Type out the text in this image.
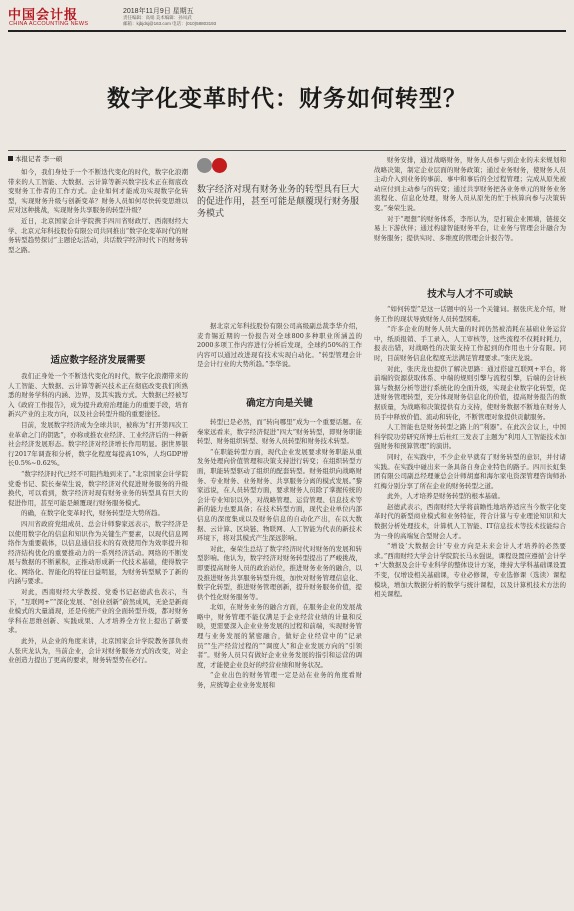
中国会计报
CHINA ACCOUNTING NEWS
2018年11月9日 星期五
责任编辑：高娟 美术编辑：孙凤武
邮箱：kjbjdsj@163.com 电话：(010)58803193
数字化变革时代：财务如何转型？
本报记者 李一硕

如今，我们身处于一个不断迭代变化的时代，数字化浪潮带来的人工智能、大数据、云计算等新兴数字技术正在彻底改变财务工作者的工作方式。企业如何才能成功实现数字化转型，实现财务升级与创新变革？财务人员如何尽快转变思维以应对这种挑战，实现财务共享服务的转型升级？

近日，北京国家会计学院携手四川省财政厅、西南财经大学、北京元年科技股份有限公司共同推出“数字化变革时代的财务转型趋势探讨”主题论坛活动，共话数字经济时代下的财务转型之路。

适应数字经济发展需要

我们正身处一个不断迭代变化的时代，数字化浪潮带来的人工智能、大数据、云计算等新兴技术正在彻底改变我们所熟悉的财务学科的内涵、边界，及其实践方式。大数据已经被写入《政府工作报告》，成为提升政府治理能力的重要手段，培育新兴产业的主攻方向，以及社会转型升级的重要途径。

目前，发展数字经济成为全球共识，被称为“打开第四次工业革命之门的钥匙”，亦称或推农业经济、工业经济后的一种新社会经济发展形态。数字经济对经济增长作用明显。据世界银行2017年调查和分析，数字化程度每提高10%，人均GDP增长0.5%~0.62%。

“数字经济时代已经不可阻挡地到来了。”北京国家会计学院党委书记、院长秦荣生说，数字经济对代促进财务服务的升级换代，可以看到，数字经济对现有财务业务的转型具有巨大的促进作用，甚至可能是颠覆现行财务服务模式。

的确，在数字化变革时代，财务转型是大势所趋。

四川省政府党组成员、总会计师黎家远表示，数字经济是以使用数字化的信息和知识作为关键生产要素，以现代信息网络作为重要载体，以信息通信技术的有效使用作为效率提升和经济结构优化的重要推动力的一系列经济活动。网络的不断发展与数据的不断累积，正推动形成新一代技术基础，使得数字化、网络化、智能化的特征日益明显，为财务转型赋予了新的内涵与要求。

对此，西南财经大学教授、党委书记赵德武也表示，当下，“互联网+”“深化发展、“创业创新”蔚然成风，无论是新商业模式的大量涌现，还是传统产业的全面转型升级，都对财务学科在思维创新、实践成果、人才培养全方位上提出了新要求。

此外，从企业的角度来讲，北京国家会计学院教务部负责人张庆龙认为，当前企业，会计对财务服务方式的改变，对企业创造力提出了更高的要求，财务转型势在必行。

数字经济对现有财务业务的转型具有巨大的促进作用，甚至可能是颠覆现行财务服务模式

据北京元年科技股份有限公司高级副总裁李华介绍，麦肯锡近期的一份报告对全球800多种职业所涵盖的2000多项工作内容进行分析后发现，全球约50%的工作内容可以通过改进现有技术实现自动化。“转型管理会计是会计行业的大势所趋。”李华说。

确定方向是关键

转型已是必然，而“转向哪里”成为一个重要话题。在秦家远看来，数字经济促进“四大”财务转型，即财务职能转型、财务组织转型、财务人员转型和财务技术转型。

“在职能转型方面，现代企业发展要求财务职能从重发务处理向价值管理和决策支持进行转变；在组织转型方面，职能转型驱动了组织的配套转型。财务组织向战略财务、专业财务、业务财务、共享服务分离的模式发展。”黎家远说，在人员转型方面，要求财务人员除了掌握传统的会计专业知识以外，对战略管理、运营管理、信息技术等新的能力也要具备；在技术转型方面，现代企业单位内部信息的深度集成以及财务信息的自动化产出，在以大数据、云计算、区块链、物联网、人工智能为代表的新技术环境下，将对其模式产生深远影响。

对此，秦荣生总结了数字经济时代对财务的发展和转型影响。他认为，数字经济对财务转型提出了严峻挑战，即要提高财务人员的政治站位，推进财务业务的融合，以及推进财务共享服务转型升级，加快对财务管理信息化、数字化转型，推进财务管理创新，提升财务服务价值，提供个性化财务服务等。

北如，在财务业务的融合方面，在服务企业的发展战略中，财务管理不能仅满足于企业经营业绩的计量和反映，更需要深入企业业务发展的过程和前端，实现财务管理与业务发展的紧密融合，做好企业经营中的“记录员”“生产经营过程的”“调度人”和企业发展方向的“引领者”。财务人员只有做好企业业务发展的指引和运营的调度，才能使企业良好的经营业绩和财务状况。

“企业出色的财务管理一定是站在业务的角度看财务，应统筹企业业务发展和

财务安排，通过战略财务，财务人员参与到企业的未来规划和战略决策，制定企业层面的财务政策；通过业务财务，使财务人员主动介入到业务的事前、事中和事后的全过程管理；完成从原先被动应付到主动参与的转变；通过共享财务把各业务单元的财务业务流程化、信息化处理，财务人员从原先的忙于核算向参与决策转变。”秦荣生说。

对于“理想”的财务体系，李彤认为，是打破企业围墙，链接交易上下游伙伴；通过构建智能财务平台，让业务与管理会计融合为财务服务；提供实时、多维度的管理会计报告等。

技术与人才不可或缺

“如何转型”是这一话题中的另一个关键词。据张庆龙介绍，财务工作的现状导致财务人员转型困难。

“许多企业的财务人员大量的时间仍然被消耗在基础业务运营中，纸质报销、手工录入、人工审核等，这些流程不仅耗时耗力，报表出错，对战略性的决策支持工作起到的作用也十分有限。同时，目前财务信息化程度无法满足管理要求。”张庆龙说。

对此，张庆龙也提供了解决思路：通过搭建互联网+平台，将前端的资源获取体系、中端的规则引擎与流程引擎，后端的会计核算与数据分析等进行系统化的全面升级，实现企业数字化转型，促进财务管理转型，充分体现财务信息化的价值，提高财务报告的数据质量，为战略和决策提供有力支持，使财务数据不断地在财务人员手中释放价值、流动和转化，不断管理对象提供贡献服务。

人工智能也是财务转型之路上的“利器”。在此次会议上，中国科学院功劳研究所博士后杜红三发表了主题为“利用人工智能技术加强财务和预算管理”的演讲。

同时，在实践中，不少企业早就有了财务转型的意识，并付诸实践。在实践中碰出来一条具备自身企业特色的路子。四川长虹集团有限公司副总经理兼总会计师胡嘉和海尔家电资深管理咨询师孙红梅分别分享了所在企业的财务转型之道。

此外，人才培养是财务转型的根本基础。

赵德武表示，西南财经大学将前瞻性地培养适应当今数字化变革时代的新型商业模式和业务特征，符合计算与专业理论知识和大数据分析处理技术，计算机人工智能、IT信息技术等技术技能综合为一身的高端复合型财会人才。

“增设‘大数据会计’专业方向是未来会计人才培养的必然要求。”西南财经大学会计学院院长马永强说，课程设置应遵循‘会计学+’大数据及会计专业科学的整体设计方案，维持大学科基础课设置不变，仅增设相关基础课，专业必修课，专业选修课（选读）课程模块，增加大数据分析的数学与统计课程，以及计算机技术方法的相关课程。
